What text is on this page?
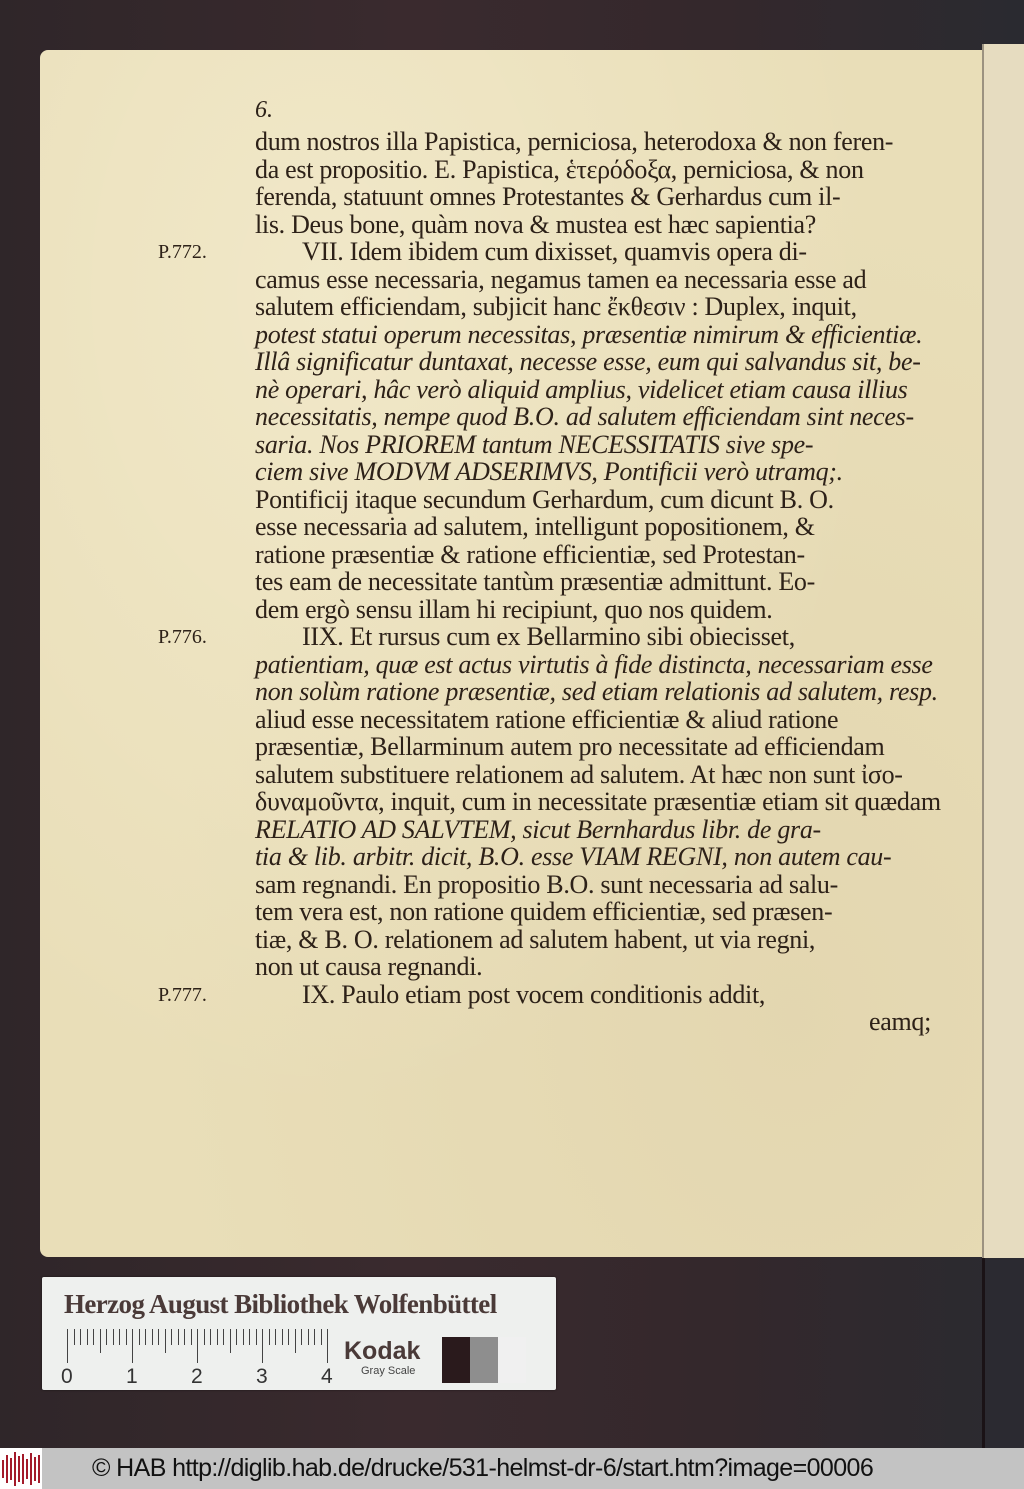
6.
dum nostros illa Papistica, perniciosa, heterodoxa & non feren-
da est propositio. E. Papistica, ἑτερόδοξα, perniciosa, & non
ferenda, statuunt omnes Protestantes & Gerhardus cum il-
lis. Deus bone, quàm nova & mustea est hæc sapientia?
VII. Idem ibidem cum dixisset, quamvis opera di-
camus esse necessaria, negamus tamen ea necessaria esse ad
salutem efficiendam, subjicit hanc ἔκθεσιν : Duplex, inquit,
potest statui operum necessitas, præsentiæ nimirum & efficientiæ.
Illâ significatur duntaxat, necesse esse, eum qui salvandus sit, be-
nè operari, hâc verò aliquid amplius, videlicet etiam causa illius
necessitatis, nempe quod B.O. ad salutem efficiendam sint neces-
saria. Nos PRIOREM tantum NECESSITATIS sive spe-
ciem sive MODVM ADSERIMVS, Pontificii verò utramq;.
Pontificij itaque secundum Gerhardum, cum dicunt B. O.
esse necessaria ad salutem, intelligunt popositionem, &
ratione præsentiæ & ratione efficientiæ, sed Protestan-
tes eam de necessitate tantùm præsentiæ admittunt. Eo-
dem ergò sensu illam hi recipiunt, quo nos quidem.
IIX. Et rursus cum ex Bellarmino sibi obiecisset,
patientiam, quæ est actus virtutis à fide distincta, necessariam esse
non solùm ratione præsentiæ, sed etiam relationis ad salutem, resp.
aliud esse necessitatem ratione efficientiæ & aliud ratione
præsentiæ, Bellarminum autem pro necessitate ad efficiendam
salutem substituere relationem ad salutem. At hæc non sunt ἰσο-
δυναμοῦντα, inquit, cum in necessitate præsentiæ etiam sit quædam
RELATIO AD SALVTEM, sicut Bernhardus libr. de gra-
tia & lib. arbitr. dicit, B.O. esse VIAM REGNI, non autem cau-
sam regnandi. En propositio B.O. sunt necessaria ad salu-
tem vera est, non ratione quidem efficientiæ, sed præsen-
tiæ, & B. O. relationem ad salutem habent, ut via regni,
non ut causa regnandi.
IX. Paulo etiam post vocem conditionis addit,
eamq;
P.772.
P.776.
P.777.
Herzog August Bibliothek Wolfenbüttel
0	1	2	3	4
Kodak
Gray Scale
© HAB http://diglib.hab.de/drucke/531-helmst-dr-6/start.htm?image=00006
